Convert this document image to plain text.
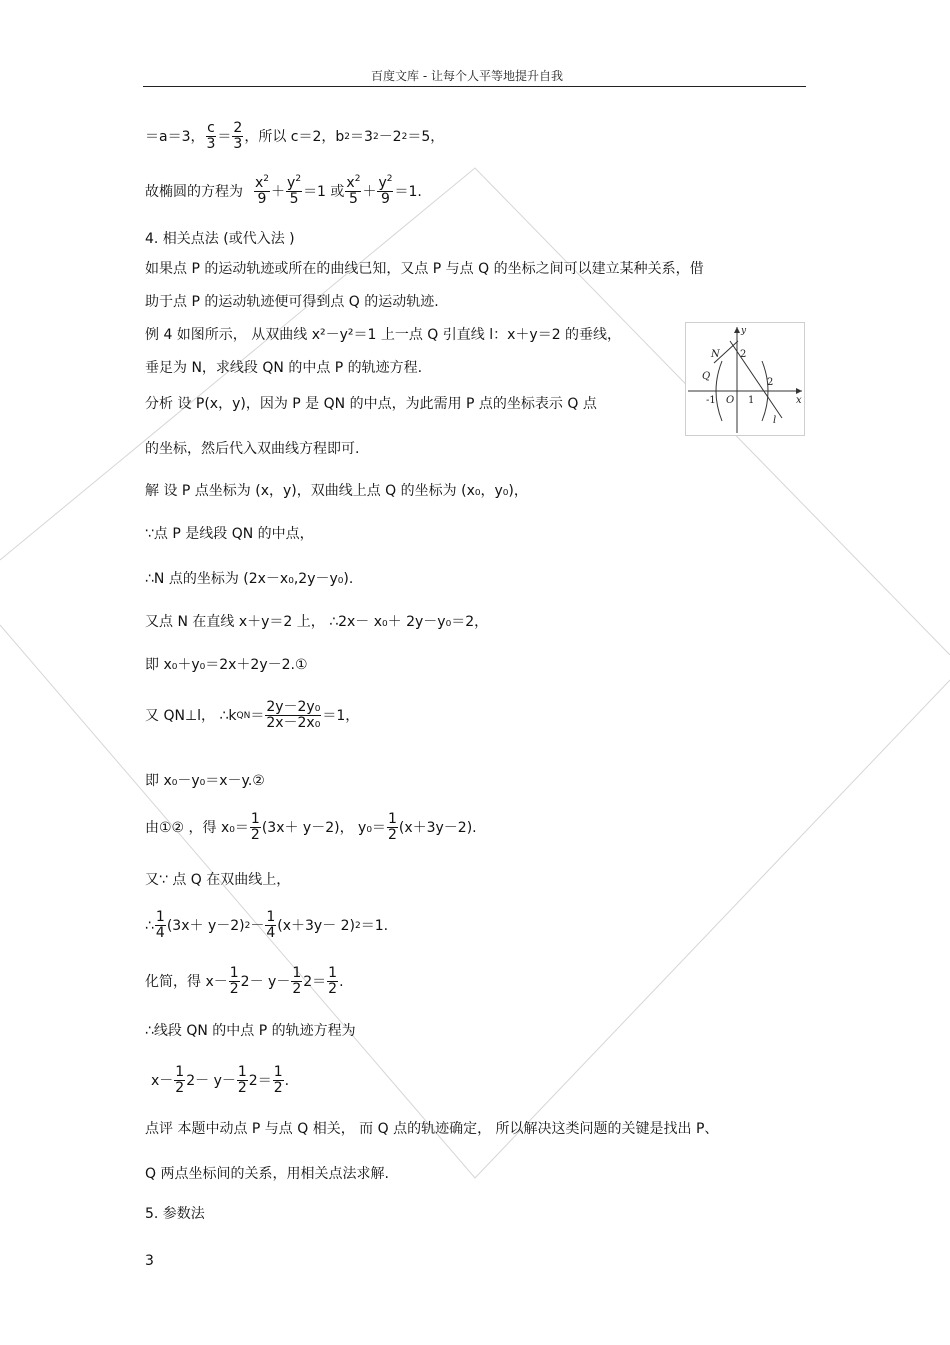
百度文库 - 让每个人平等地提升自我
＝a＝3， $\frac{c}{3} = \frac{2}{3}$ ，所以 c＝2，b 2 ＝3 2 －2 2 ＝5，
故椭圆的方程为 $\frac{x^2}{9} + \frac{y^2}{5} =1$ 或 $\frac{x^2}{5} + \frac{y^2}{9} =1$.
4. 相关点法 (或代入法 )
如果点 P 的运动轨迹或所在的曲线已知，又点 P 与点 Q 的坐标之间可以建立某种关系，借
助于点 P 的运动轨迹便可得到点 Q 的运动轨迹.
例 4 如图所示， 从双曲线 x²－y²＝1 上一点 Q 引直线 l：x＋y＝2 的垂线，
垂足为 N，求线段 QN 的中点 P 的轨迹方程.
分析 设 P(x，y)，因为 P 是 QN 的中点，为此需用 P 点的坐标表示 Q 点
的坐标，然后代入双曲线方程即可.
y
x
N
Q
2
2
-1 O 1
l
解 设 P 点坐标为 (x，y)，双曲线上点 Q 的坐标为 (x₀，y₀)，
∵点 P 是线段 QN 的中点，
∴N 点的坐标为 (2x－x₀,2y－y₀).
又点 N 在直线 x＋y＝2 上， ∴2x－ x₀＋ 2y－y₀＝2，
即 x₀＋y₀＝2x＋2y－2.①
又 QN⊥l， ∴k QN ＝ $\frac{\text{2y－2y₀}}{\text{2x－2x₀}} =1$，
即 x₀－y₀＝x－y.②
由①② ，得 $x_0= \frac{1}{2} (3x+ y-2)$， $y_0= \frac{1}{2} (x+3y-2)$.
又∵ 点 Q 在双曲线上，
∴ $\frac{1}{4} (3x+ y-2) 2 - \frac{1}{4} (x+3y- 2)$ 2 ＝1.
化简，得 $x- \frac{1}{2} 2- y- \frac{1}{2} 2= \frac{1}{2}$ .
∴线段 QN 的中点 P 的轨迹方程为
$x- \frac{1}{2} 2- y- \frac{1}{2} 2= \frac{1}{2}$ .
点评 本题中动点 P 与点 Q 相关， 而 Q 点的轨迹确定， 所以解决这类问题的关键是找出 P、
Q 两点坐标间的关系，用相关点法求解.
5. 参数法
3
